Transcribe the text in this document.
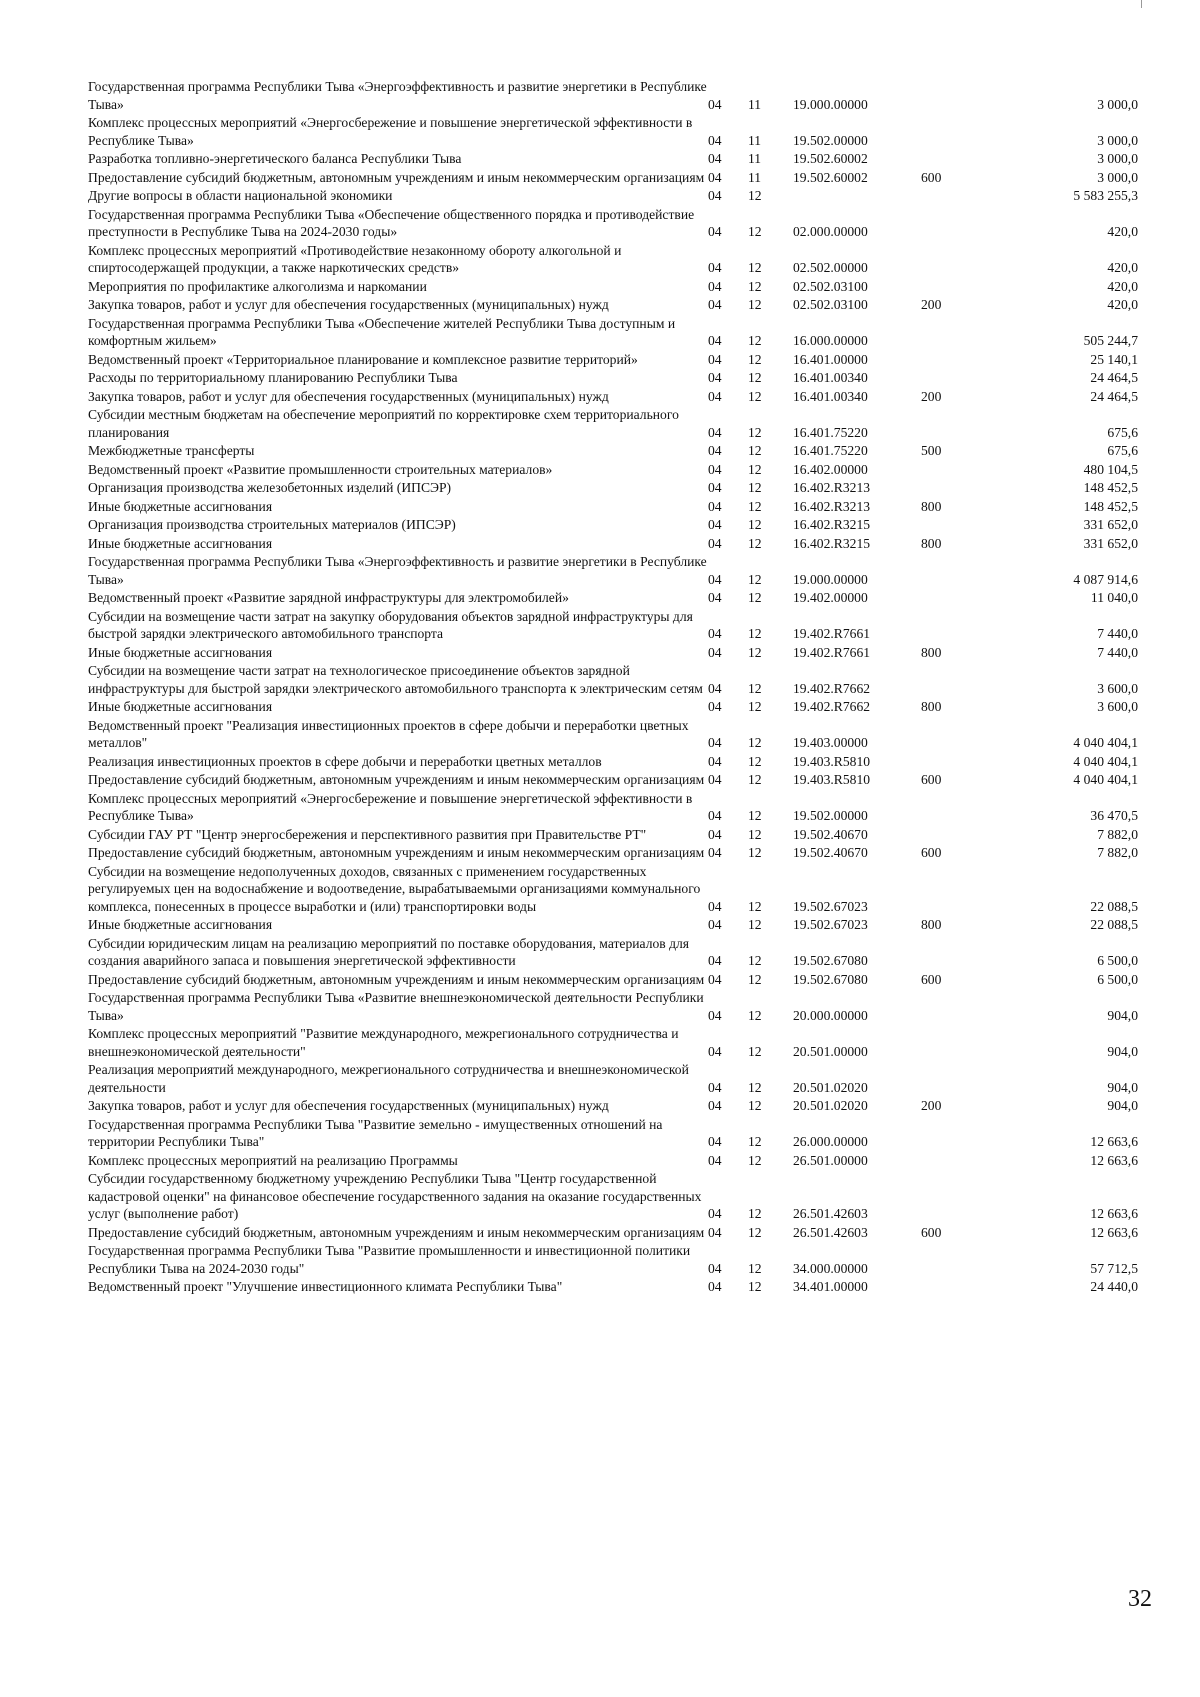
Государственная программа Республики Тыва «Энергоэффективность и развитие энергетики в Республике Тыва»	04	11	19.000.00000		3 000,0
Комплекс процессных мероприятий «Энергосбережение и повышение энергетической эффективности в Республике Тыва»	04	11	19.502.00000		3 000,0
Разработка топливно-энергетического баланса Республики Тыва	04	11	19.502.60002		3 000,0
Предоставление субсидий бюджетным, автономным учреждениям и иным некоммерческим организациям	04	11	19.502.60002	600	3 000,0
Другие вопросы в области национальной экономики	04	12			5 583 255,3
Государственная программа Республики Тыва «Обеспечение общественного порядка и противодействие преступности в Республике Тыва на 2024-2030 годы»	04	12	02.000.00000		420,0
Комплекс процессных мероприятий «Противодействие незаконному обороту алкогольной и спиртосодержащей продукции, а также наркотических средств»	04	12	02.502.00000		420,0
Мероприятия по профилактике алкоголизма и наркомании	04	12	02.502.03100		420,0
Закупка товаров, работ и услуг для обеспечения государственных (муниципальных) нужд	04	12	02.502.03100	200	420,0
Государственная программа Республики Тыва «Обеспечение жителей Республики Тыва доступным и комфортным жильем»	04	12	16.000.00000		505 244,7
Ведомственный проект «Территориальное планирование и комплексное развитие территорий»	04	12	16.401.00000		25 140,1
Расходы по территориальному планированию Республики Тыва	04	12	16.401.00340		24 464,5
Закупка товаров, работ и услуг для обеспечения государственных (муниципальных) нужд	04	12	16.401.00340	200	24 464,5
Субсидии местным бюджетам на обеспечение мероприятий по корректировке схем территориального планирования	04	12	16.401.75220		675,6
Межбюджетные трансферты	04	12	16.401.75220	500	675,6
Ведомственный проект «Развитие промышленности строительных материалов»	04	12	16.402.00000		480 104,5
Организация производства железобетонных изделий (ИПСЭР)	04	12	16.402.R3213		148 452,5
Иные бюджетные ассигнования	04	12	16.402.R3213	800	148 452,5
Организация производства строительных материалов (ИПСЭР)	04	12	16.402.R3215		331 652,0
Иные бюджетные ассигнования	04	12	16.402.R3215	800	331 652,0
Государственная программа Республики Тыва «Энергоэффективность и развитие энергетики в Республике Тыва»	04	12	19.000.00000		4 087 914,6
Ведомственный проект «Развитие зарядной инфраструктуры для электромобилей»	04	12	19.402.00000		11 040,0
Субсидии на возмещение части затрат на закупку оборудования объектов зарядной инфраструктуры для быстрой зарядки электрического автомобильного транспорта	04	12	19.402.R7661		7 440,0
Иные бюджетные ассигнования	04	12	19.402.R7661	800	7 440,0
Субсидии на возмещение части затрат на технологическое присоединение объектов зарядной инфраструктуры для быстрой зарядки электрического автомобильного транспорта к электрическим сетям	04	12	19.402.R7662		3 600,0
Иные бюджетные ассигнования	04	12	19.402.R7662	800	3 600,0
Ведомственный проект "Реализация инвестиционных проектов в сфере добычи и переработки цветных металлов"	04	12	19.403.00000		4 040 404,1
Реализация инвестиционных проектов в сфере добычи и переработки цветных металлов	04	12	19.403.R5810		4 040 404,1
Предоставление субсидий бюджетным, автономным учреждениям и иным некоммерческим организациям	04	12	19.403.R5810	600	4 040 404,1
Комплекс процессных мероприятий «Энергосбережение и повышение энергетической эффективности в Республике Тыва»	04	12	19.502.00000		36 470,5
Субсидии ГАУ РТ "Центр энергосбережения и перспективного развития при Правительстве РТ"	04	12	19.502.40670		7 882,0
Предоставление субсидий бюджетным, автономным учреждениям и иным некоммерческим организациям	04	12	19.502.40670	600	7 882,0
Субсидии на возмещение недополученных доходов, связанных с применением государственных регулируемых цен на водоснабжение и водоотведение, вырабатываемыми организациями коммунального комплекса, понесенных в процессе выработки и (или) транспортировки воды	04	12	19.502.67023		22 088,5
Иные бюджетные ассигнования	04	12	19.502.67023	800	22 088,5
Субсидии юридическим лицам на реализацию мероприятий по поставке оборудования, материалов для создания аварийного запаса и повышения энергетической эффективности	04	12	19.502.67080		6 500,0
Предоставление субсидий бюджетным, автономным учреждениям и иным некоммерческим организациям	04	12	19.502.67080	600	6 500,0
Государственная программа Республики Тыва «Развитие внешнеэкономической деятельности Республики Тыва»	04	12	20.000.00000		904,0
Комплекс процессных мероприятий "Развитие международного, межрегионального сотрудничества и внешнеэкономической деятельности"	04	12	20.501.00000		904,0
Реализация мероприятий международного, межрегионального сотрудничества и внешнеэкономической деятельности	04	12	20.501.02020		904,0
Закупка товаров, работ и услуг для обеспечения государственных (муниципальных) нужд	04	12	20.501.02020	200	904,0
Государственная программа Республики Тыва "Развитие земельно - имущественных отношений на территории Республики Тыва"	04	12	26.000.00000		12 663,6
Комплекс процессных мероприятий на реализацию Программы	04	12	26.501.00000		12 663,6
Субсидии государственному бюджетному учреждению Республики Тыва "Центр государственной кадастровой оценки" на финансовое обеспечение государственного задания на оказание государственных услуг (выполнение работ)	04	12	26.501.42603		12 663,6
Предоставление субсидий бюджетным, автономным учреждениям и иным некоммерческим организациям	04	12	26.501.42603	600	12 663,6
Государственная программа Республики Тыва "Развитие промышленности и инвестиционной политики Республики Тыва на 2024-2030 годы"	04	12	34.000.00000		57 712,5
Ведомственный проект "Улучшение инвестиционного климата Республики Тыва"	04	12	34.401.00000		24 440,0
32
